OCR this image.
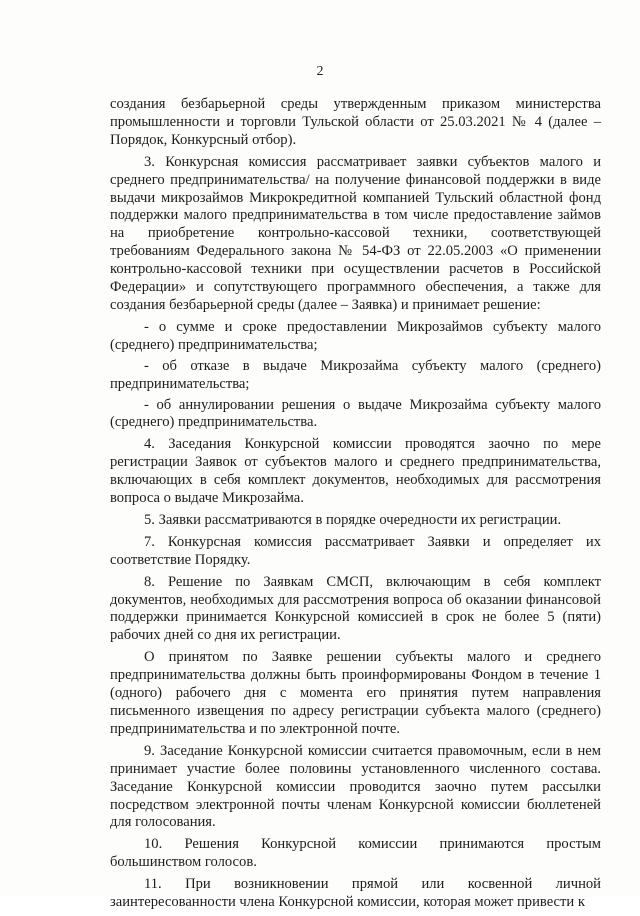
2

создания безбарьерной среды утвержденным приказом министерства промышленности и торговли Тульской области от 25.03.2021 № 4 (далее – Порядок, Конкурсный отбор).

3. Конкурсная комиссия рассматривает заявки субъектов малого и среднего предпринимательства/ на получение финансовой поддержки в виде выдачи микрозаймов Микрокредитной компанией Тульский областной фонд поддержки малого предпринимательства в том числе предоставление займов на приобретение контрольно-кассовой техники, соответствующей требованиям Федерального закона № 54-ФЗ от 22.05.2003 «О применении контрольно-кассовой техники при осуществлении расчетов в Российской Федерации» и сопутствующего программного обеспечения, а также для создания безбарьерной среды (далее – Заявка) и принимает решение:

- о сумме и сроке предоставлении Микрозаймов субъекту малого (среднего) предпринимательства;

- об отказе в выдаче Микрозайма субъекту малого (среднего) предпринимательства;

- об аннулировании решения о выдаче Микрозайма субъекту малого (среднего) предпринимательства.

4. Заседания Конкурсной комиссии проводятся заочно по мере регистрации Заявок от субъектов малого и среднего предпринимательства, включающих в себя комплект документов, необходимых для рассмотрения вопроса о выдаче Микрозайма.

5. Заявки рассматриваются в порядке очередности их регистрации.

7. Конкурсная комиссия рассматривает Заявки и определяет их соответствие Порядку.

8. Решение по Заявкам СМСП, включающим в себя комплект документов, необходимых для рассмотрения вопроса об оказании финансовой поддержки принимается Конкурсной комиссией в срок не более 5 (пяти) рабочих дней со дня их регистрации.

О принятом по Заявке решении субъекты малого и среднего предпринимательства должны быть проинформированы Фондом в течение 1 (одного) рабочего дня с момента его принятия путем направления письменного извещения по адресу регистрации субъекта малого (среднего) предпринимательства и по электронной почте.

9. Заседание Конкурсной комиссии считается правомочным, если в нем принимает участие более половины установленного численного состава. Заседание Конкурсной комиссии проводится заочно путем рассылки посредством электронной почты членам Конкурсной комиссии бюллетеней для голосования.

10. Решения Конкурсной комиссии принимаются простым большинством голосов.

11. При возникновении прямой или косвенной личной заинтересованности члена Конкурсной комиссии, которая может привести к
